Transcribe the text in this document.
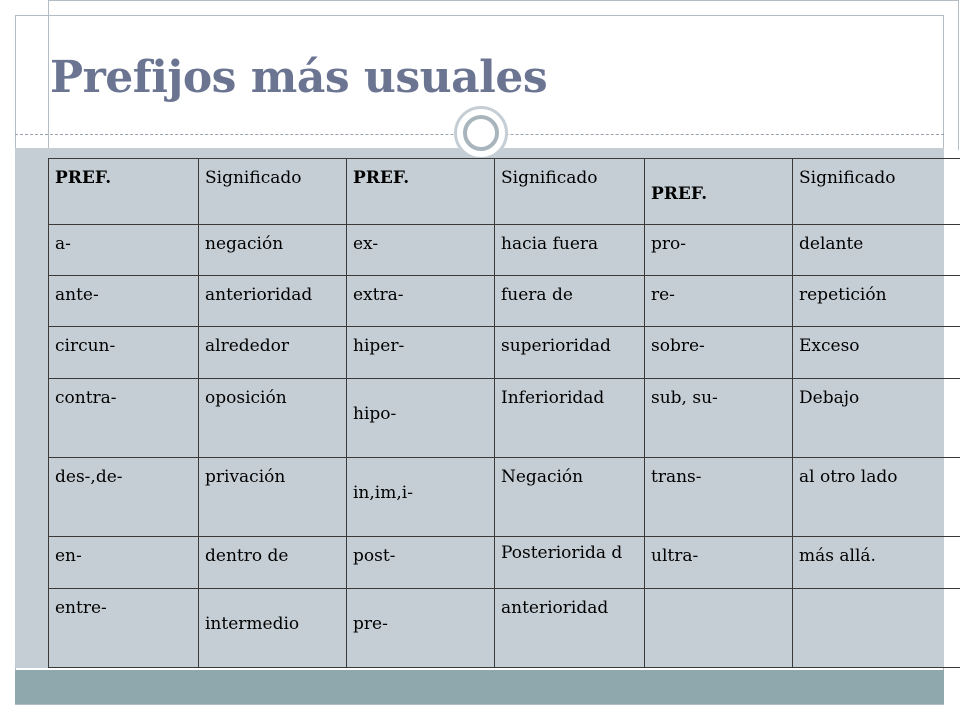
Prefijos más usuales
PREF.	Significado	PREF.	Significado	PREF.	Significado
a-	negación	ex-	hacia fuera	pro-	delante
ante-	anterioridad	extra-	fuera de	re-	repetición
circun-	alrededor	hiper-	superioridad	sobre-	Exceso
contra-	oposición	hipo-	Inferioridad	sub, su-	Debajo
des-,de-	privación	in,im,i-	Negación	trans-	al otro lado
en-	dentro de	post-	Posteriorida d	ultra-	más allá.
entre-	intermedio	pre-	anterioridad		
